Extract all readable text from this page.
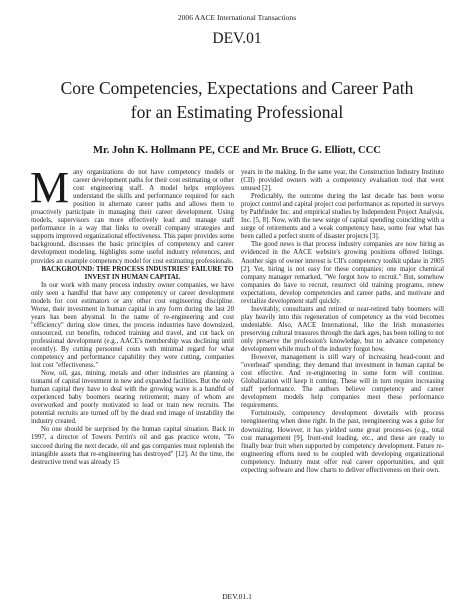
2006 AACE International Transactions
DEV.01
Core Competencies, Expectations and Career Path
for an Estimating Professional
Mr. John K. Hollmann PE, CCE and Mr. Bruce G. Elliott, CCC

Many organizations do not have competency models or career development paths for their cost estimating or other cost engineering staff. A model helps employees understand the skills and performance required for each position in alternate career paths and allows them to proactively participate in managing their career development. Using models, supervisors can more effectively lead and manage staff performance in a way that links to overall company strategies and supports improved organizational effectiveness. This paper provides some background, discusses the basic principles of competency and career development modeling, highlights some useful industry references, and provides an example competency model for cost estimating professionals.

BACKGROUND: THE PROCESS INDUSTRIES' FAILURE TO INVEST IN HUMAN CAPITAL

In our work with many process industry owner companies, we have only seen a handful that have any competency or career development models for cost estimators or any other cost engineering discipline. Worse, their investment in human capital in any form during the last 20 years has been abysmal. In the name of re-engineering and cost "efficiency" during slow times, the process industries have downsized, outsourced, cut benefits, reduced training and travel, and cut back on professional development (e.g., AACE's membership was declining until recently). By cutting personnel costs with minimal regard for what competency and performance capability they were cutting, companies lost cost "effectiveness."

Now, oil, gas, mining, metals and other industries are planning a tsunami of capital investment in new and expanded facilities. But the only human capital they have to deal with the growing wave is a handful of experienced baby boomers nearing retirement; many of whom are overworked and poorly motivated to lead or train new recruits. The potential recruits are turned off by the dead end image of instability the industry created.

No one should be surprised by the human capital situation. Back in 1997, a director of Towers Perrin's oil and gas practice wrote, "To succeed during the next decade, oil and gas companies must replenish the intangible assets that re-engineering has destroyed" [12]. At the time, the destructive trend was already 15

years in the making. In the same year, the Construction Industry Institute (CII) provided owners with a competency evaluation tool that went unused [2].

Predictably, the outcome during the last decade has been worse project control and capital project cost performance as reported in surveys by Pathfinder Inc. and empirical studies by Independent Project Analysis, Inc. [5, 8]. Now, with the new surge of capital spending coinciding with a surge of retirements and a weak competency base, some fear what has been called a perfect storm of disaster projects [3].

The good news is that process industry companies are now hiring as evidenced in the AACE website's growing positions offered listings. Another sign of owner interest is CII's competency toolkit update in 2005 [2]. Yet, hiring is not easy for these companies; one major chemical company manager remarked, "We forgot how to recruit." But, somehow companies do have to recruit, resurrect old training programs, renew expectations, develop competencies and career paths, and motivate and revitalize development staff quickly.

Inevitably, consultants and retired or near-retired baby boomers will play heavily into this regeneration of competency as the void becomes undeniable. Also, AACE International, like the Irish monasteries preserving cultural treasures through the dark ages, has been toiling to not only preserve the profession's knowledge, but to advance competency development while much of the industry forgot how.

However, management is still wary of increasing head-count and "overhead" spending; they demand that investment in human capital be cost effective. And re-engineering in some form will continue. Globalization will keep it coming. These will in turn require increasing staff performance. The authors believe competency and career development models help companies meet these performance requirements.

Fortuitously, competency development dovetails with process reengineering when done right. In the past, reengineering was a guise for downsizing. However, it has yielded some great process-es (e.g., total cost management [9], front-end loading, etc., and these are ready to finally bear fruit when supported by competency development. Future re-engineering efforts need to be coupled with developing organizational competency. Industry must offer real career opportunities, and quit expecting software and flow charts to deliver effectiveness on their own.

DEV.01.1
